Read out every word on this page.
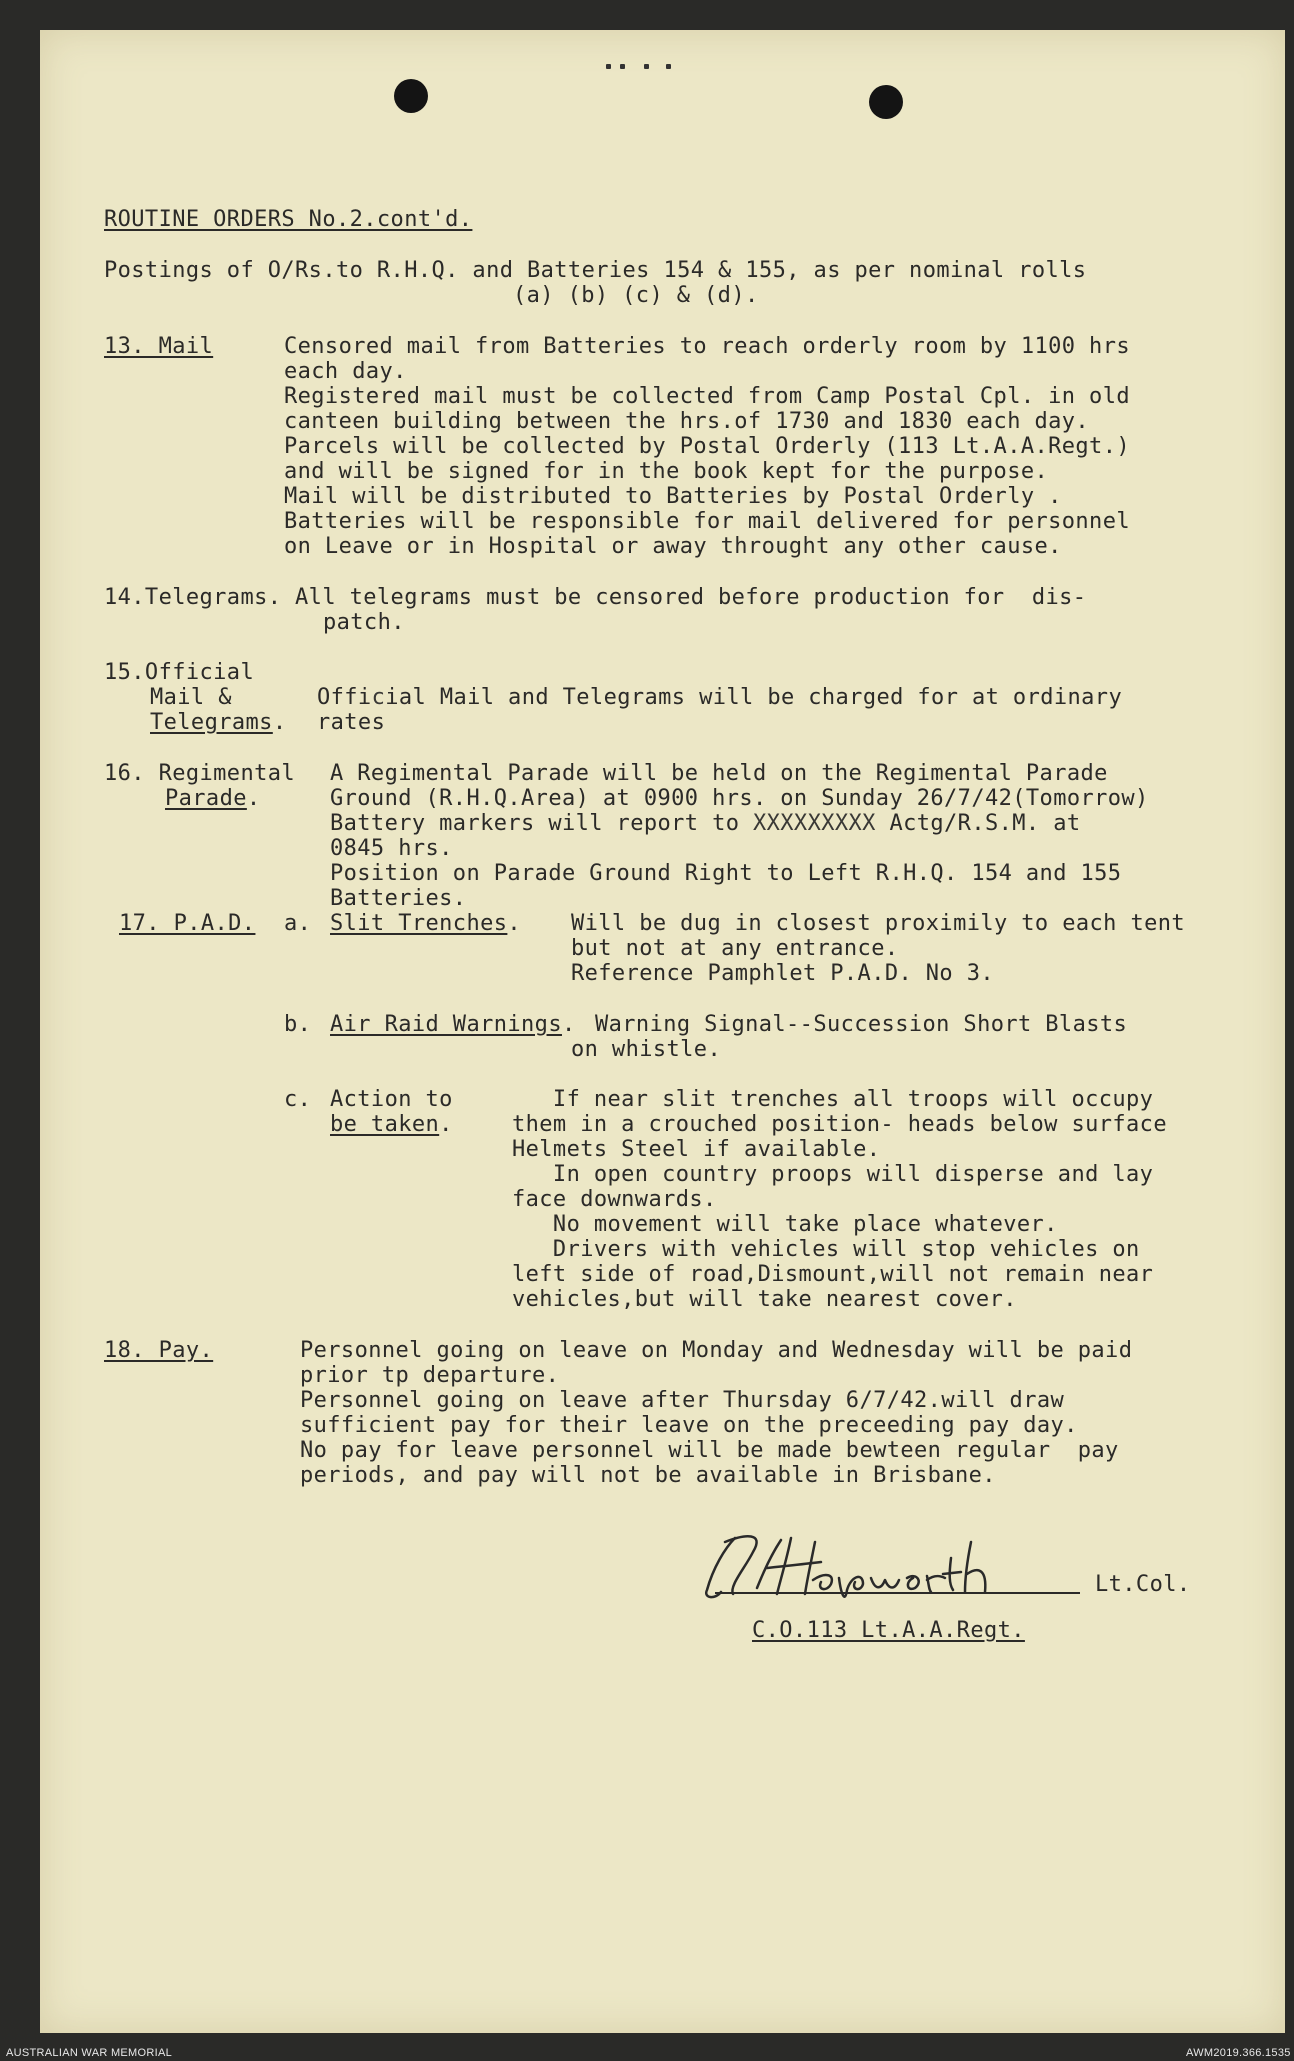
ROUTINE ORDERS No.2.cont'd.
Postings of O/Rs.to R.H.Q. and Batteries 154 & 155, as per nominal rolls
(a) (b) (c) & (d).
13. Mail	Censored mail from Batteries to reach orderly room by 1100 hrs
each day.
Registered mail must be collected from Camp Postal Cpl. in old
canteen building between the hrs.of 1730 and 1830 each day.
Parcels will be collected by Postal Orderly (113 Lt.A.A.Regt.)
and will be signed for in the book kept for the purpose.
Mail will be distributed to Batteries by Postal Orderly .
Batteries will be responsible for mail delivered for personnel
on Leave or in Hospital or away throught any other cause.
14.Telegrams. All telegrams must be censored before production for  dis-
patch.
15.Official
Mail &	Official Mail and Telegrams will be charged for at ordinary
Telegrams. rates
16. Regimental
Parade.
A Regimental Parade will be held on the Regimental Parade
Ground (R.H.Q.Area) at 0900 hrs. on Sunday 26/7/42(Tomorrow)
Battery markers will report to XXXXXXXXX Actg/R.S.M. at
0845 hrs.
Position on Parade Ground Right to Left R.H.Q. 154 and 155
Batteries.
17. P.A.D. a. Slit Trenches. Will be dug in closest proximily to each tent
but not at any entrance.
Reference Pamphlet P.A.D. No 3.
b. Air Raid Warnings. Warning Signal--Succession Short Blasts
on whistle.
c. Action to
be taken.
If near slit trenches all troops will occupy
them in a crouched position- heads below surface
Helmets Steel if available.
In open country proops will disperse and lay
face downwards.
No movement will take place whatever.
Drivers with vehicles will stop vehicles on
left side of road,Dismount,will not remain near
vehicles,but will take nearest cover.
18. Pay.	Personnel going on leave on Monday and Wednesday will be paid
prior tp departure.
Personnel going on leave after Thursday 6/7/42.will draw
sufficient pay for their leave on the preceeding pay day.
No pay for leave personnel will be made bewteen regular  pay
periods, and pay will not be available in Brisbane.
Lt.Col.
C.O.113 Lt.A.A.Regt.
AUSTRALIAN WAR MEMORIAL	AWM2019.366.1535
